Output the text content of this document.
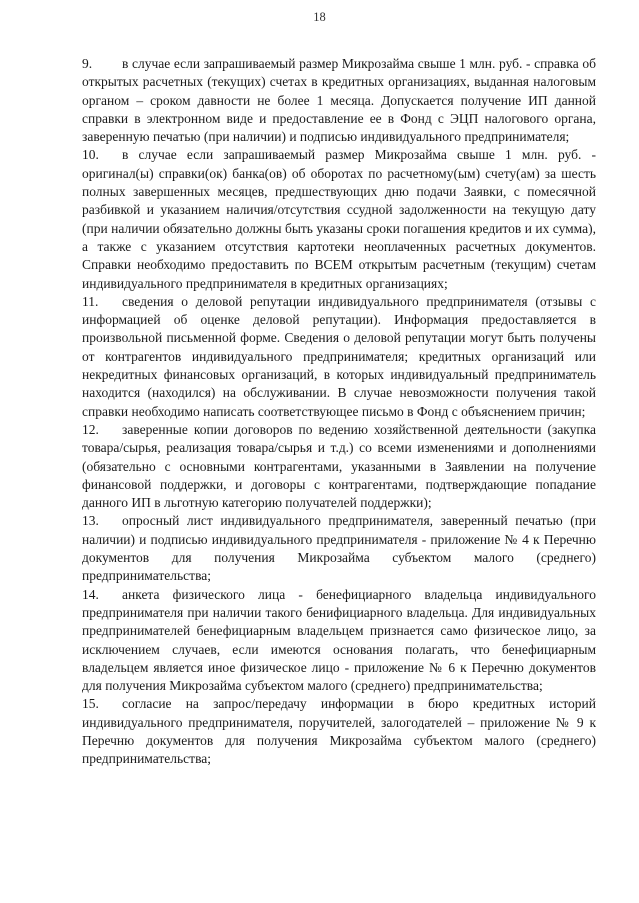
18

9. в случае если запрашиваемый размер Микрозайма свыше 1 млн. руб. - справка об открытых расчетных (текущих) счетах в кредитных организациях, выданная налоговым органом – сроком давности не более 1 месяца. Допускается получение ИП данной справки в электронном виде и предоставление ее в Фонд с ЭЦП налогового органа, заверенную печатью (при наличии) и подписью индивидуального предпринимателя;

10. в случае если запрашиваемый размер Микрозайма свыше 1 млн. руб. - оригинал(ы) справки(ок) банка(ов) об оборотах по расчетному(ым) счету(ам) за шесть полных завершенных месяцев, предшествующих дню подачи Заявки, с помесячной разбивкой и указанием наличия/отсутствия ссудной задолженности на текущую дату (при наличии обязательно должны быть указаны сроки погашения кредитов и их сумма), а также с указанием отсутствия картотеки неоплаченных расчетных документов. Справки необходимо предоставить по ВСЕМ открытым расчетным (текущим) счетам индивидуального предпринимателя в кредитных организациях;

11. сведения о деловой репутации индивидуального предпринимателя (отзывы с информацией об оценке деловой репутации). Информация предоставляется в произвольной письменной форме. Сведения о деловой репутации могут быть получены от контрагентов индивидуального предпринимателя; кредитных организаций или некредитных финансовых организаций, в которых индивидуальный предприниматель находится (находился) на обслуживании. В случае невозможности получения такой справки необходимо написать соответствующее письмо в Фонд с объяснением причин;

12. заверенные копии договоров по ведению хозяйственной деятельности (закупка товара/сырья, реализация товара/сырья и т.д.) со всеми изменениями и дополнениями (обязательно с основными контрагентами, указанными в Заявлении на получение финансовой поддержки, и договоры с контрагентами, подтверждающие попадание данного ИП в льготную категорию получателей поддержки);

13. опросный лист индивидуального предпринимателя, заверенный печатью (при наличии) и подписью индивидуального предпринимателя - приложение № 4 к Перечню документов для получения Микрозайма субъектом малого (среднего) предпринимательства;

14. анкета физического лица - бенефициарного владельца индивидуального предпринимателя при наличии такого бенифициарного владельца. Для индивидуальных предпринимателей бенефициарным владельцем признается само физическое лицо, за исключением случаев, если имеются основания полагать, что бенефициарным владельцем является иное физическое лицо - приложение № 6 к Перечню документов для получения Микрозайма субъектом малого (среднего) предпринимательства;

15. согласие на запрос/передачу информации в бюро кредитных историй индивидуального предпринимателя, поручителей, залогодателей – приложение № 9 к Перечню документов для получения Микрозайма субъектом малого (среднего) предпринимательства;
